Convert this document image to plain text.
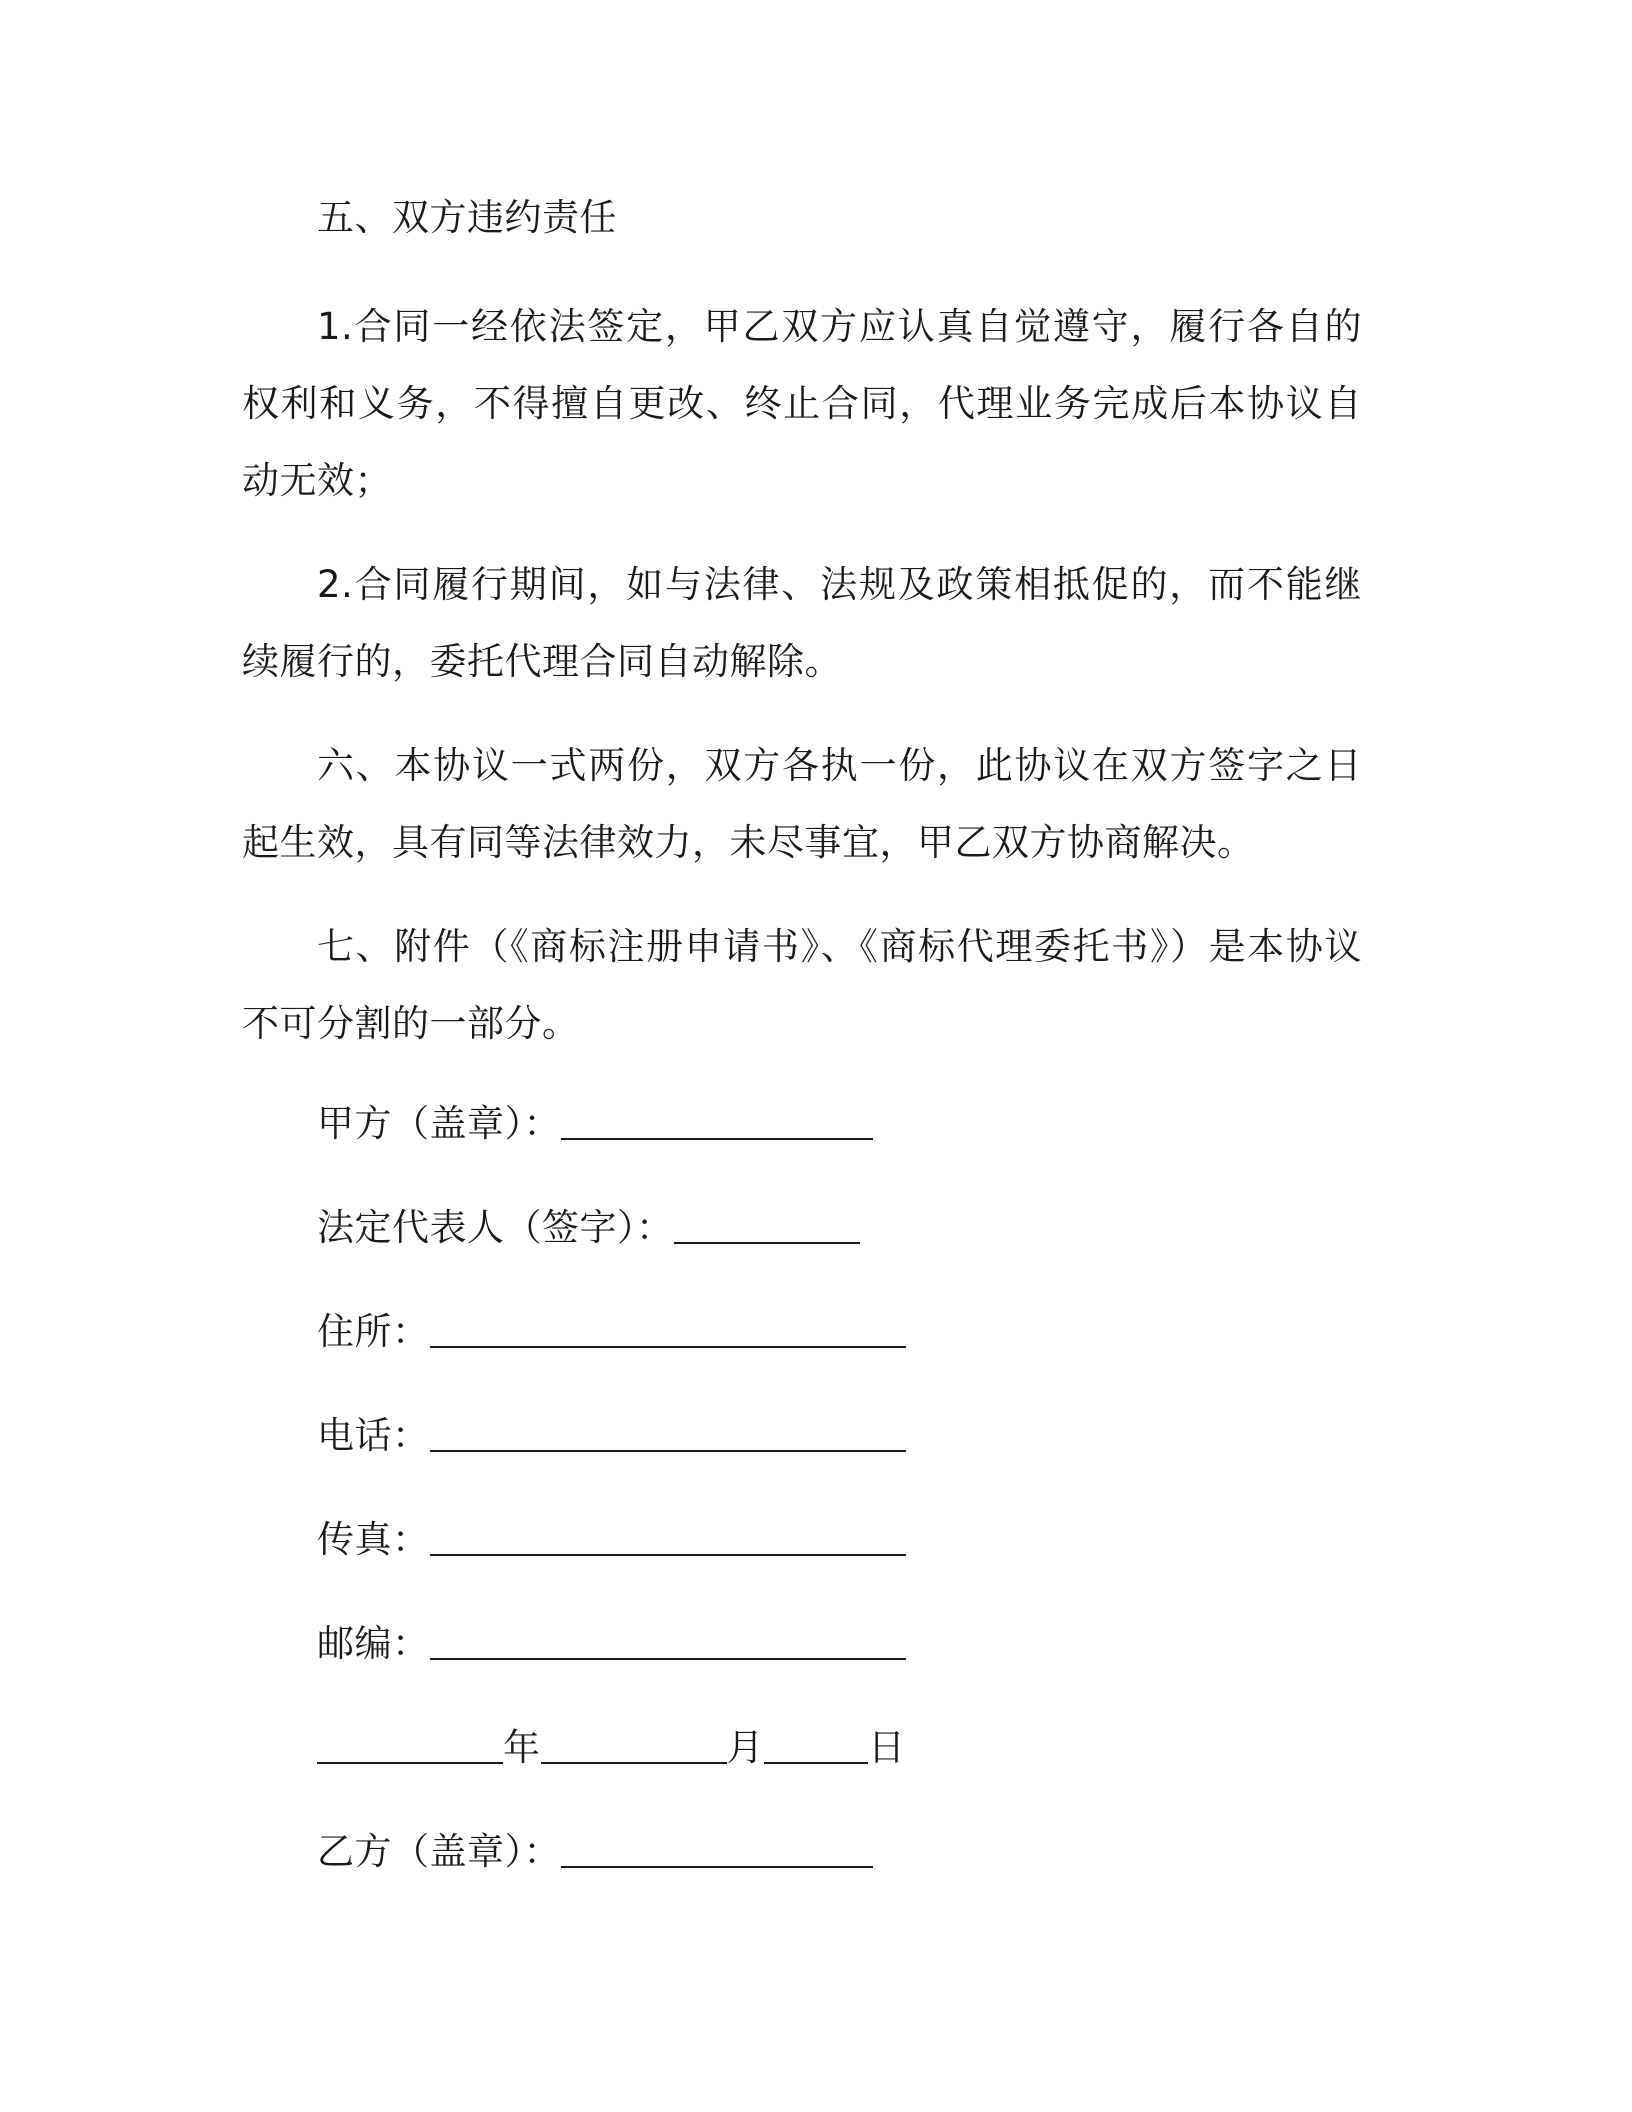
五、双方违约责任
1.合同一经依法签定，甲乙双方应认真自觉遵守，履行各自的权利和义务，不得擅自更改、终止合同，代理业务完成后本协议自动无效；
2.合同履行期间，如与法律、法规及政策相抵促的，而不能继续履行的，委托代理合同自动解除。
六、本协议一式两份，双方各执一份，此协议在双方签字之日起生效，具有同等法律效力，未尽事宜，甲乙双方协商解决。
七、附件（《商标注册申请书》、《商标代理委托书》）是本协议不可分割的一部分。
甲方（盖章）：
法定代表人（签字）：
住所：
电话：
传真：
邮编：
年	月	日
乙方（盖章）：
